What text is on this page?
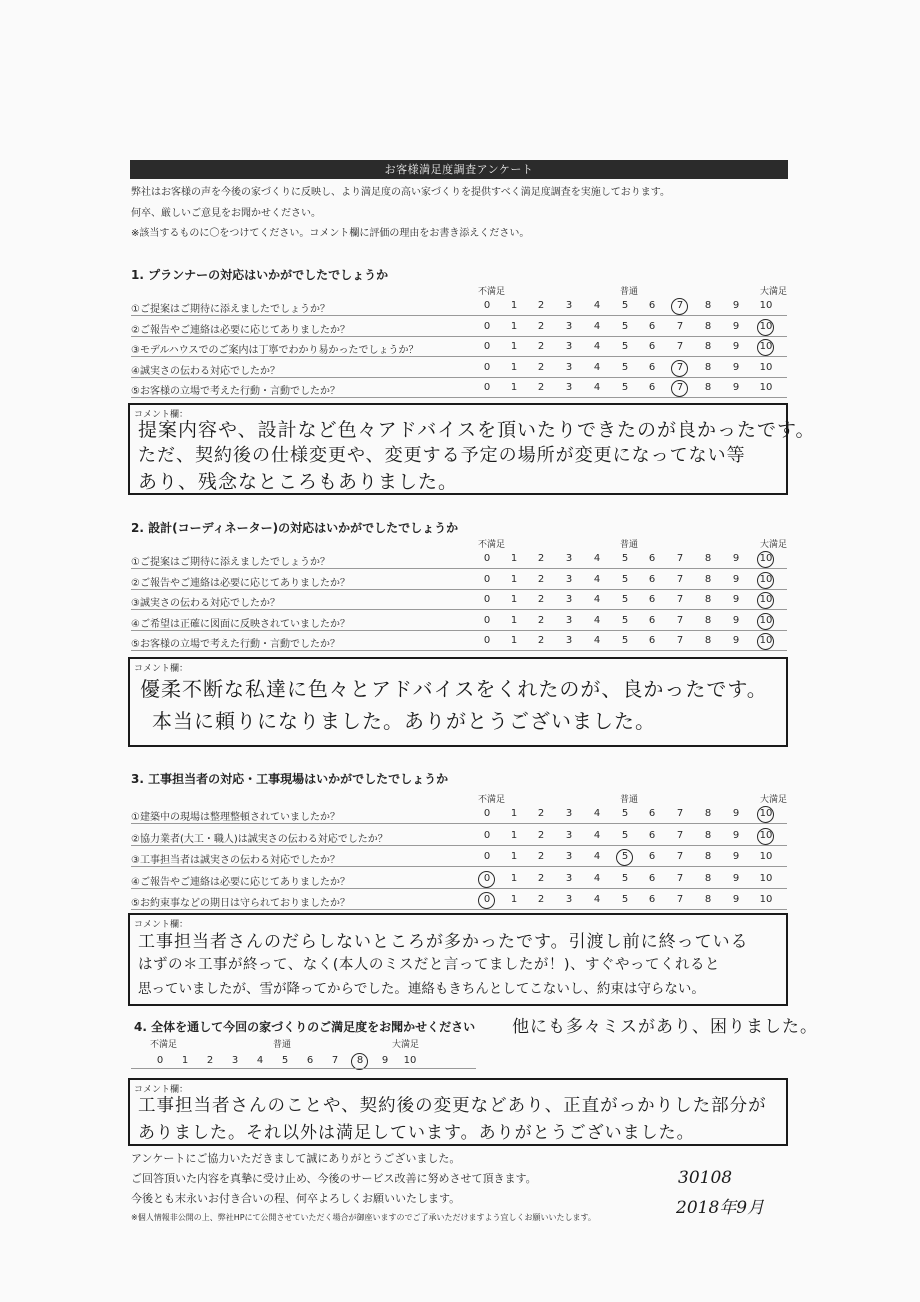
お客様満足度調査アンケート
弊社はお客様の声を今後の家づくりに反映し、より満足度の高い家づくりを提供すべく満足度調査を実施しております。
何卒、厳しいご意見をお聞かせください。
※該当するものに〇をつけてください。コメント欄に評価の理由をお書き添えください。
1. プランナーの対応はいかがでしたでしょうか
不満足	普通	大満足
①ご提案はご期待に添えましたでしょうか？	0	1	2	3	4	5	6	7	8	9	10
②ご報告やご連絡は必要に応じてありましたか？	0	1	2	3	4	5	6	7	8	9	10
③モデルハウスでのご案内は丁寧でわかり易かったでしょうか？	0	1	2	3	4	5	6	7	8	9	10
④誠実さの伝わる対応でしたか？	0	1	2	3	4	5	6	7	8	9	10
⑤お客様の立場で考えた行動・言動でしたか？	0	1	2	3	4	5	6	7	8	9	10
2. 設計(コーディネーター)の対応はいかがでしたでしょうか
不満足	普通	大満足
①ご提案はご期待に添えましたでしょうか？	0	1	2	3	4	5	6	7	8	9	10
②ご報告やご連絡は必要に応じてありましたか？	0	1	2	3	4	5	6	7	8	9	10
③誠実さの伝わる対応でしたか？	0	1	2	3	4	5	6	7	8	9	10
④ご希望は正確に図面に反映されていましたか？	0	1	2	3	4	5	6	7	8	9	10
⑤お客様の立場で考えた行動・言動でしたか？	0	1	2	3	4	5	6	7	8	9	10
3. 工事担当者の対応・工事現場はいかがでしたでしょうか
不満足	普通	大満足
①建築中の現場は整理整頓されていましたか？	0	1	2	3	4	5	6	7	8	9	10
②協力業者(大工・職人)は誠実さの伝わる対応でしたか？	0	1	2	3	4	5	6	7	8	9	10
③工事担当者は誠実さの伝わる対応でしたか？	0	1	2	3	4	5	6	7	8	9	10
④ご報告やご連絡は必要に応じてありましたか？	0	1	2	3	4	5	6	7	8	9	10
⑤お約束事などの期日は守られておりましたか？	0	1	2	3	4	5	6	7	8	9	10
コメント欄：
提案内容や、設計など色々アドバイスを頂いたりできたのが良かったです。
ただ、契約後の仕様変更や、変更する予定の場所が変更になってない等
あり、残念なところもありました。
コメント欄：
優柔不断な私達に色々とアドバイスをくれたのが、良かったです。
本当に頼りになりました。ありがとうございました。
コメント欄：
工事担当者さんのだらしないところが多かったです。引渡し前に終っている
はずの＊工事が終って、なく(本人のミスだと言ってましたが！)、すぐやってくれると
思っていましたが、雪が降ってからでした。連絡もきちんとしてこないし、約束は守らない。
他にも多々ミスがあり、困りました。
4. 全体を通して今回の家づくりのご満足度をお聞かせください
不満足	普通	大満足
0	1	2	3	4	5	6	7	8	9	10
コメント欄：
工事担当者さんのことや、契約後の変更などあり、正直がっかりした部分が
ありました。それ以外は満足しています。ありがとうございました。
アンケートにご協力いただきまして誠にありがとうございました。
ご回答頂いた内容を真摯に受け止め、今後のサービス改善に努めさせて頂きます。
今後とも末永いお付き合いの程、何卒よろしくお願いいたします。
※個人情報非公開の上、弊社HPにて公開させていただく場合が御座いますのでご了承いただけますよう宜しくお願いいたします。
30108
2018年9月
